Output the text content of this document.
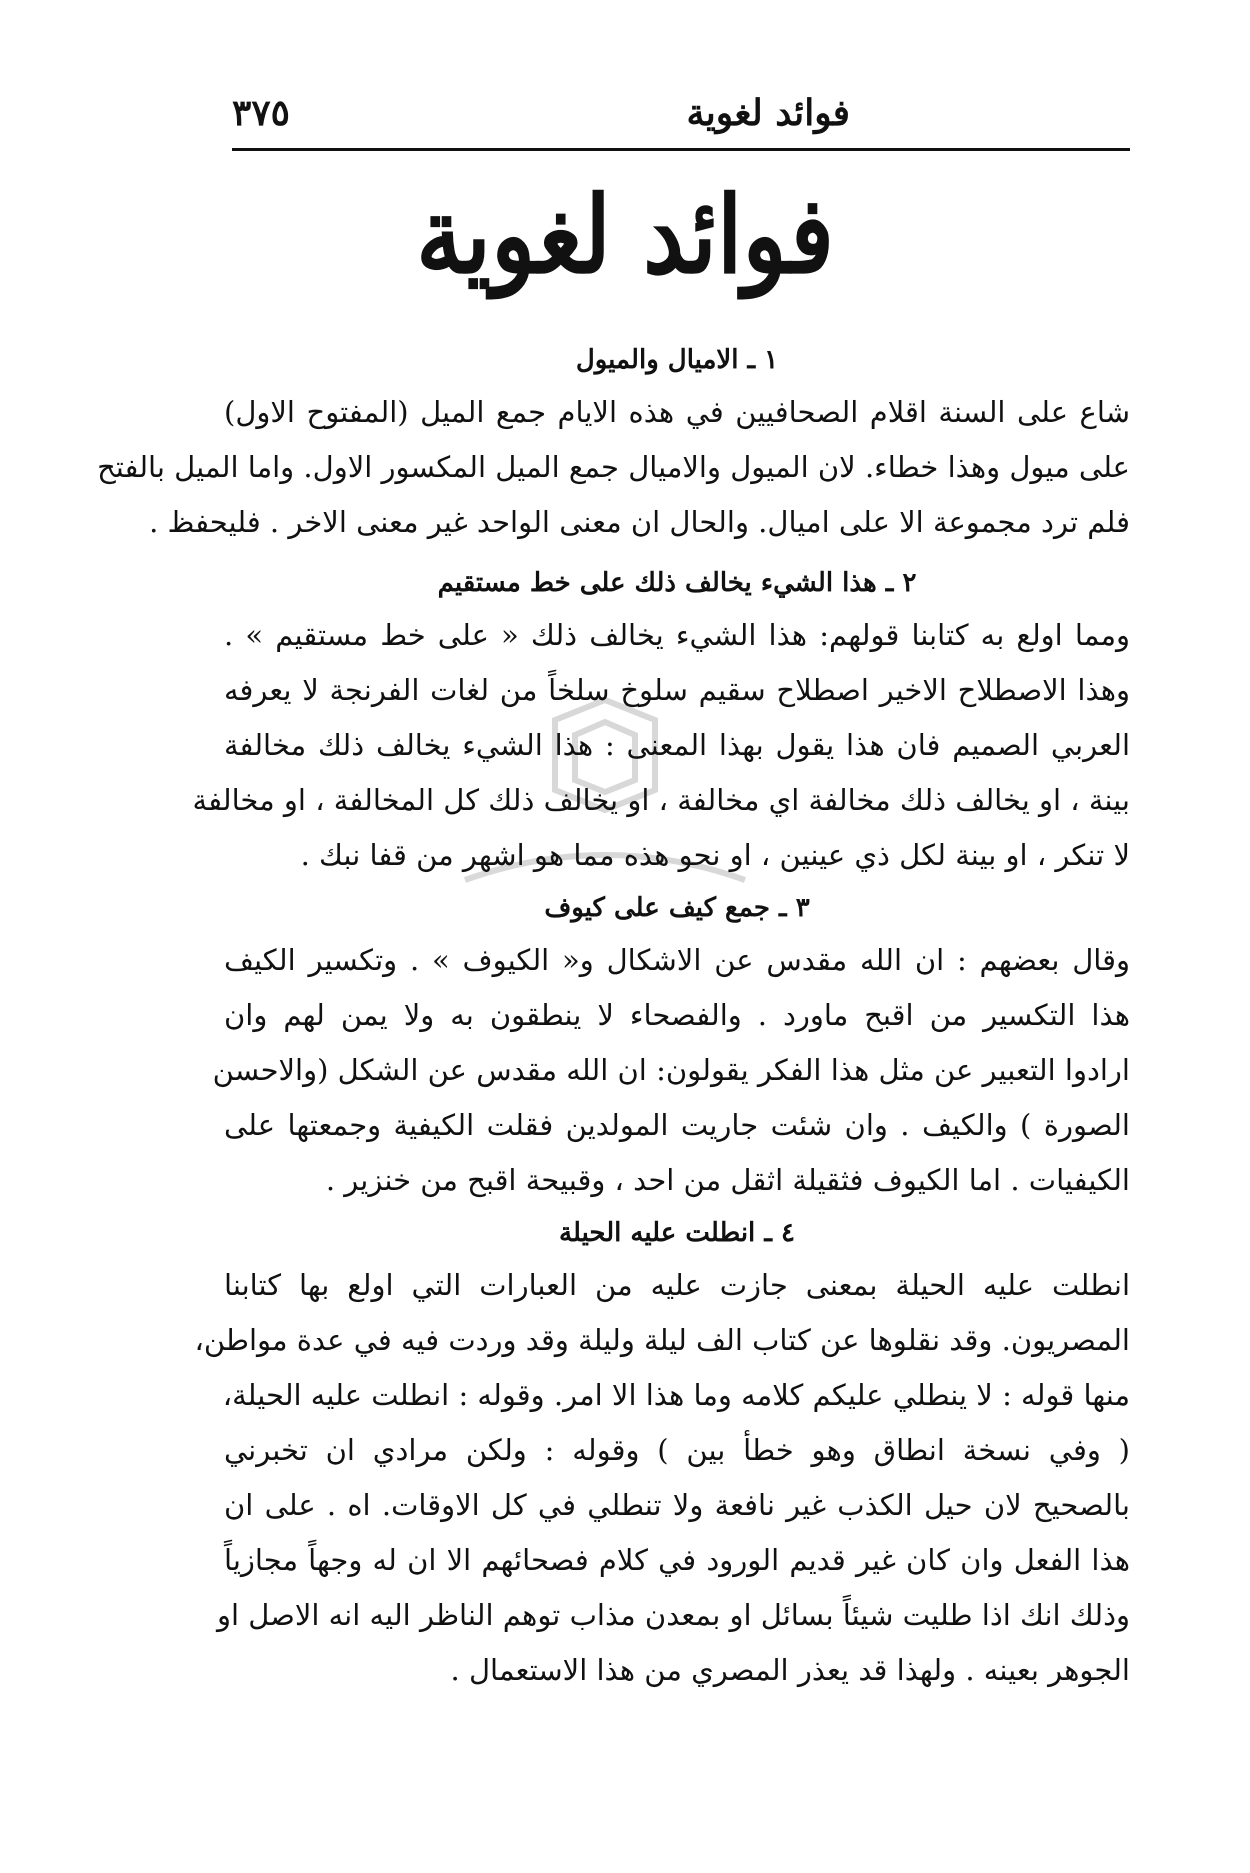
فوائد لغوية
٣٧٥
فوائد لغوية
١ ـ الاميال والميول
شاع على السنة اقلام الصحافيين في هذه الايام جمع الميل (المفتوح الاول)
على ميول وهذا خطاء. لان الميول والاميال جمع الميل المكسور الاول. واما الميل بالفتح
فلم ترد مجموعة الا على اميال. والحال ان معنى الواحد غير معنى الاخر . فليحفظ .
٢ ـ هذا الشيء يخالف ذلك على خط مستقيم
ومما اولع به كتابنا قولهم: هذا الشيء يخالف ذلك « على خط مستقيم » .
وهذا الاصطلاح الاخير اصطلاح سقيم سلوخ سلخاً من لغات الفرنجة لا يعرفه
العربي الصميم فان هذا يقول بهذا المعنى : هذا الشيء يخالف ذلك مخالفة
بينة ، او يخالف ذلك مخالفة اي مخالفة ، او يخالف ذلك كل المخالفة ، او مخالفة
لا تنكر ، او بينة لكل ذي عينين ، او نحو هذه مما هو اشهر من قفا نبك .
٣ ـ جمع كيف على كيوف
وقال بعضهم : ان الله مقدس عن الاشكال و« الكيوف » . وتكسير الكيف
هذا التكسير من اقبح ماورد . والفصحاء لا ينطقون به ولا يمن لهم وان
ارادوا التعبير عن مثل هذا الفكر يقولون: ان الله مقدس عن الشكل (والاحسن
الصورة ) والكيف . وان شئت جاريت المولدين فقلت الكيفية وجمعتها على
الكيفيات . اما الكيوف فثقيلة اثقل من احد ، وقبيحة اقبح من خنزير .
٤ ـ انطلت عليه الحيلة
انطلت عليه الحيلة بمعنى جازت عليه من العبارات التي اولع بها كتابنا
المصريون. وقد نقلوها عن كتاب الف ليلة وليلة وقد وردت فيه في عدة مواطن،
منها قوله : لا ينطلي عليكم كلامه وما هذا الا امر. وقوله : انطلت عليه الحيلة،
( وفي نسخة انطاق وهو خطأ بين ) وقوله : ولكن مرادي ان تخبرني
بالصحيح لان حيل الكذب غير نافعة ولا تنطلي في كل الاوقات. اه . على ان
هذا الفعل وان كان غير قديم الورود في كلام فصحائهم الا ان له وجهاً مجازياً
وذلك انك اذا طليت شيئاً بسائل او بمعدن مذاب توهم الناظر اليه انه الاصل او
الجوهر بعينه . ولهذا قد يعذر المصري من هذا الاستعمال .
